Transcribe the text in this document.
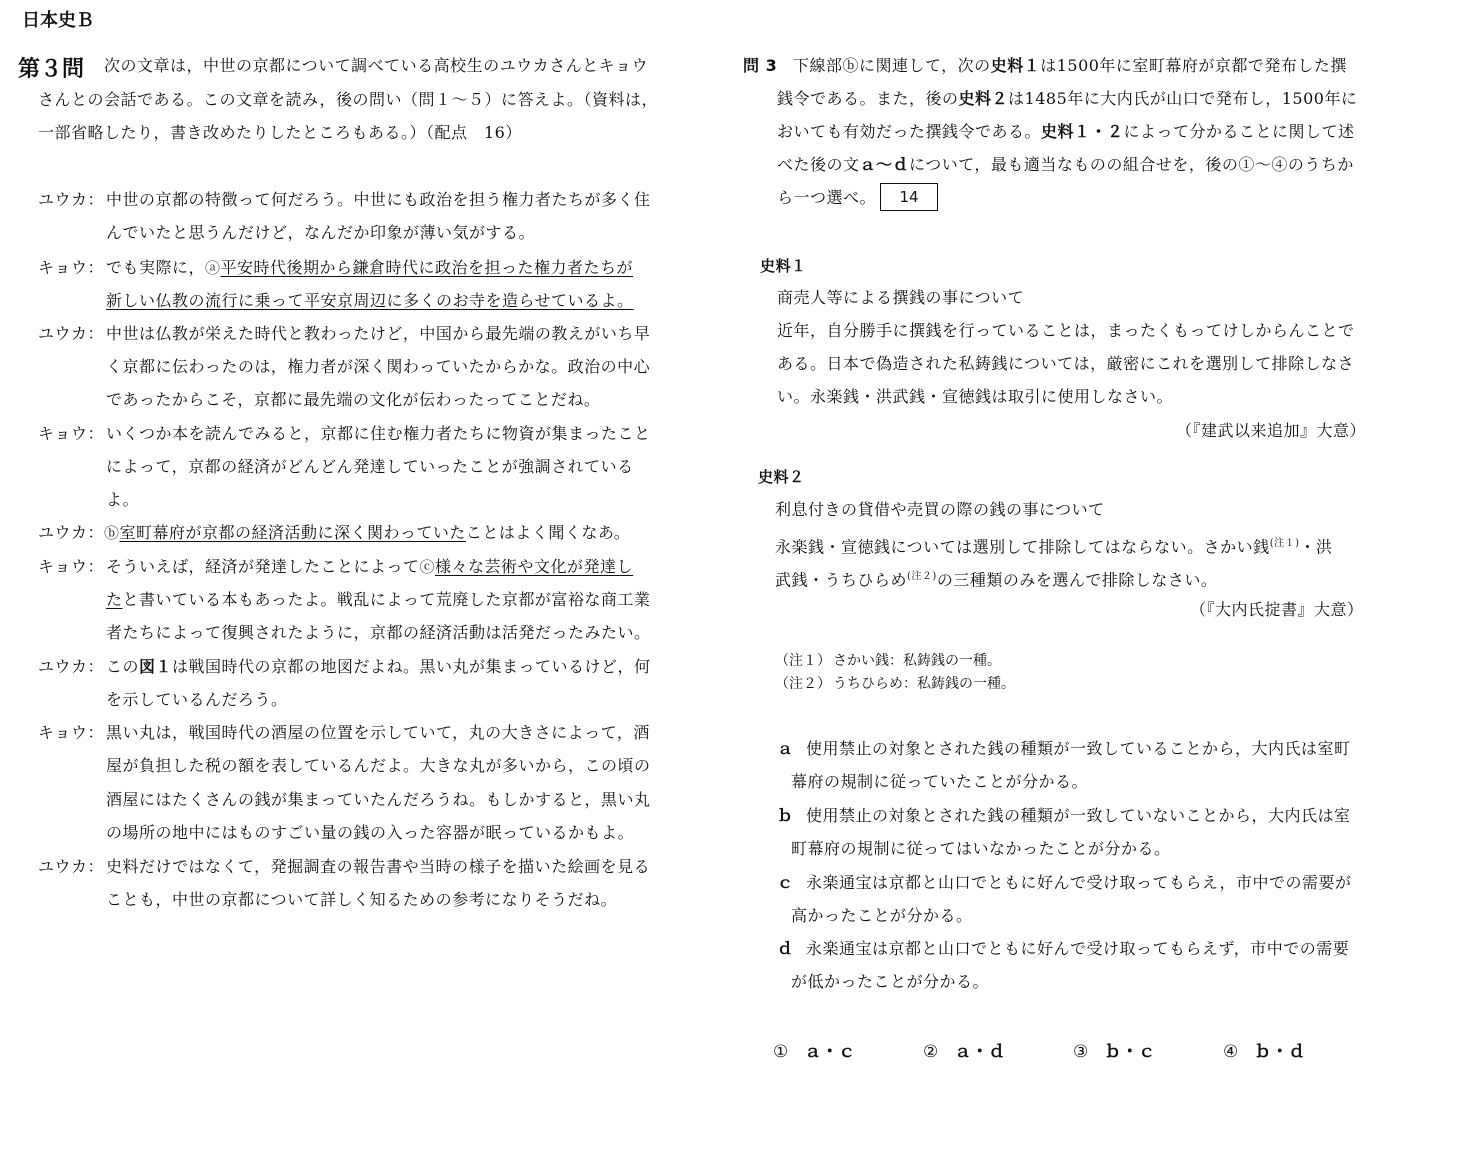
日本史Ｂ
第３問 次の文章は，中世の京都について調べている高校生のユウカさんとキョウ
さんとの会話である。この文章を読み，後の問い（問１～５）に答えよ。（資料は，
一部省略したり，書き改めたりしたところもある。）（配点　16）
ユウカ： 中世の京都の特徴って何だろう。中世にも政治を担う権力者たちが多く住
んでいたと思うんだけど，なんだか印象が薄い気がする。
キョウ： でも実際に，ⓐ平安時代後期から鎌倉時代に政治を担った権力者たちが
新しい仏教の流行に乗って平安京周辺に多くのお寺を造らせているよ。
ユウカ： 中世は仏教が栄えた時代と教わったけど，中国から最先端の教えがいち早
く京都に伝わったのは，権力者が深く関わっていたからかな。政治の中心
であったからこそ，京都に最先端の文化が伝わったってことだね。
キョウ： いくつか本を読んでみると，京都に住む権力者たちに物資が集まったこと
によって，京都の経済がどんどん発達していったことが強調されている
よ。
ユウカ： ⓑ室町幕府が京都の経済活動に深く関わっていたことはよく聞くなあ。
キョウ： そういえば，経済が発達したことによってⓒ様々な芸術や文化が発達し
たと書いている本もあったよ。戦乱によって荒廃した京都が富裕な商工業
者たちによって復興されたように，京都の経済活動は活発だったみたい。
ユウカ： この図１は戦国時代の京都の地図だよね。黒い丸が集まっているけど，何
を示しているんだろう。
キョウ： 黒い丸は，戦国時代の酒屋の位置を示していて，丸の大きさによって，酒
屋が負担した税の額を表しているんだよ。大きな丸が多いから，この頃の
酒屋にはたくさんの銭が集まっていたんだろうね。もしかすると，黒い丸
の場所の地中にはものすごい量の銭の入った容器が眠っているかもよ。
ユウカ： 史料だけではなくて，発掘調査の報告書や当時の様子を描いた絵画を見る
ことも，中世の京都について詳しく知るための参考になりそうだね。
問 3 下線部ⓑに関連して，次の史料１は1500年に室町幕府が京都で発布した撰
銭令である。また，後の史料２は1485年に大内氏が山口で発布し，1500年に
おいても有効だった撰銭令である。史料１・２によって分かることに関して述
べた後の文ａ～ｄについて，最も適当なものの組合せを，後の①～④のうちか
ら一つ選べ。	14
史料１
商売人等による撰銭の事について
近年，自分勝手に撰銭を行っていることは，まったくもってけしからんことで
ある。日本で偽造された私鋳銭については，厳密にこれを選別して排除しなさ
い。永楽銭・洪武銭・宣徳銭は取引に使用しなさい。
（『建武以来追加』大意）
史料２
利息付きの貸借や売買の際の銭の事について
永楽銭・宣徳銭については選別して排除してはならない。さかい銭$^{(注1)}$・洪
武銭・うちひらめ$^{(注2)}$の三種類のみを選んで排除しなさい。
（『大内氏掟書』大意）
（注１） さかい銭：私鋳銭の一種。
（注２） うちひらめ：私鋳銭の一種。
ａ 使用禁止の対象とされた銭の種類が一致していることから，大内氏は室町
幕府の規制に従っていたことが分かる。
ｂ 使用禁止の対象とされた銭の種類が一致していないことから，大内氏は室
町幕府の規制に従ってはいなかったことが分かる。
ｃ 永楽通宝は京都と山口でともに好んで受け取ってもらえ，市中での需要が
高かったことが分かる。
ｄ 永楽通宝は京都と山口でともに好んで受け取ってもらえず，市中での需要
が低かったことが分かる。
① ａ・ｃ	② ａ・ｄ	③ ｂ・ｃ	④ ｂ・ｄ
